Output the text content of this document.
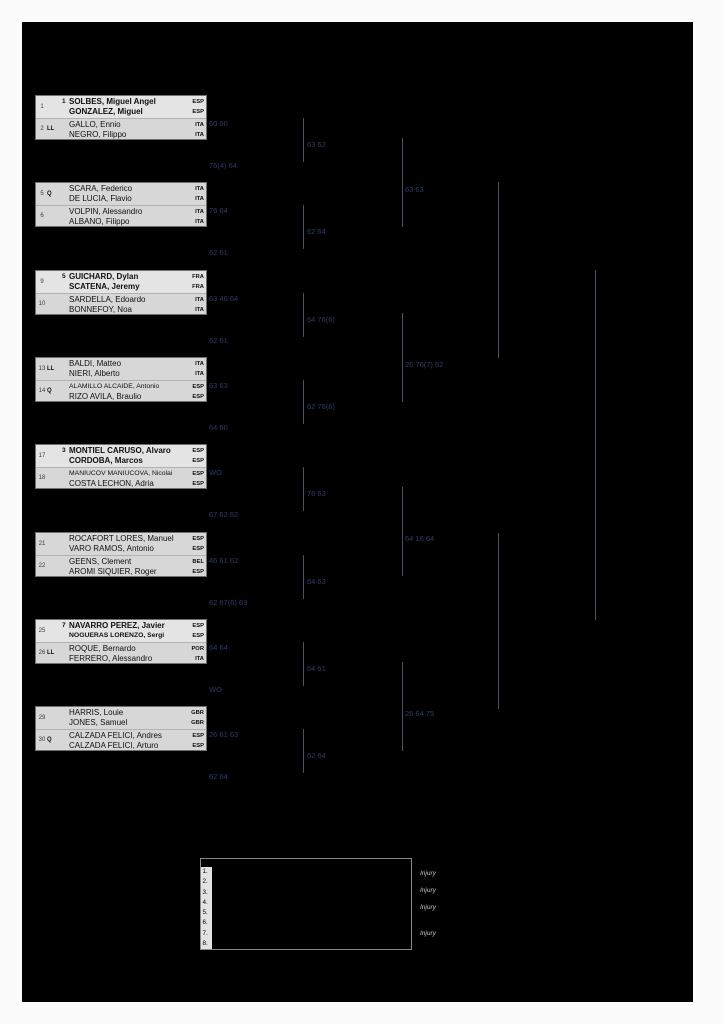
1
1 SOLBES, Miguel Angel
GONZALEZ, Miguel
ESP
ESP
2 LL
GALLO, Ennio
NEGRO, Filippo
ITA
ITA
5 Q
SCARA, Federico
DE LUCIA, Flavio
ITA
ITA
6
VOLPIN, Alessandro
ALBANO, Filippo
ITA
ITA
9
5 GUICHARD, Dylan
SCATENA, Jeremy
FRA
FRA
10
SARDELLA, Edoardo
BONNEFOY, Noa
ITA
ITA
13 LL
BALDI, Matteo
NIERI, Alberto
ITA
ITA
14 Q
ALAMILLO ALCAIDE, Antonio
RIZO AVILA, Braulio
ESP
ESP
17
3 MONTIEL CARUSO, Alvaro
CORDOBA, Marcos
ESP
ESP
18
MANIUCOV MANIUCOVA, Nicolai
COSTA LECHON, Adria
ESP
ESP
21
ROCAFORT LORES, Manuel
VARO RAMOS, Antonio
ESP
ESP
22
GEENS, Clement
AROMI SIQUIER, Roger
BEL
ESP
25
7 NAVARRO PEREZ, Javier
NOGUERAS LORENZO, Sergi
ESP
ESP
26 LL
ROQUE, Bernardo
FERRERO, Alessandro
POR
ITA
29
HARRIS, Louie
JONES, Samuel
GBR
GBR
30 Q
CALZADA FELICI, Andres
CALZADA FELICI, Arturo
ESP
ESP
60 60
76(4) 64
76 64
62 61
63 46 64
62 61
63 63
64 60
WO
67 62 62
46 61 62
62 67(6) 63
64 64
WO
26 61 63
62 64
63 62
62 64
64 76(6)
62 76(6)
76 63
64 63
64 61
62 64
63 63
26 76(7) 62
64 16 64
26 64 75
1.
2.
3.
4.
5.
6.
7.
8.
Injury
Injury
Injury
Injury
